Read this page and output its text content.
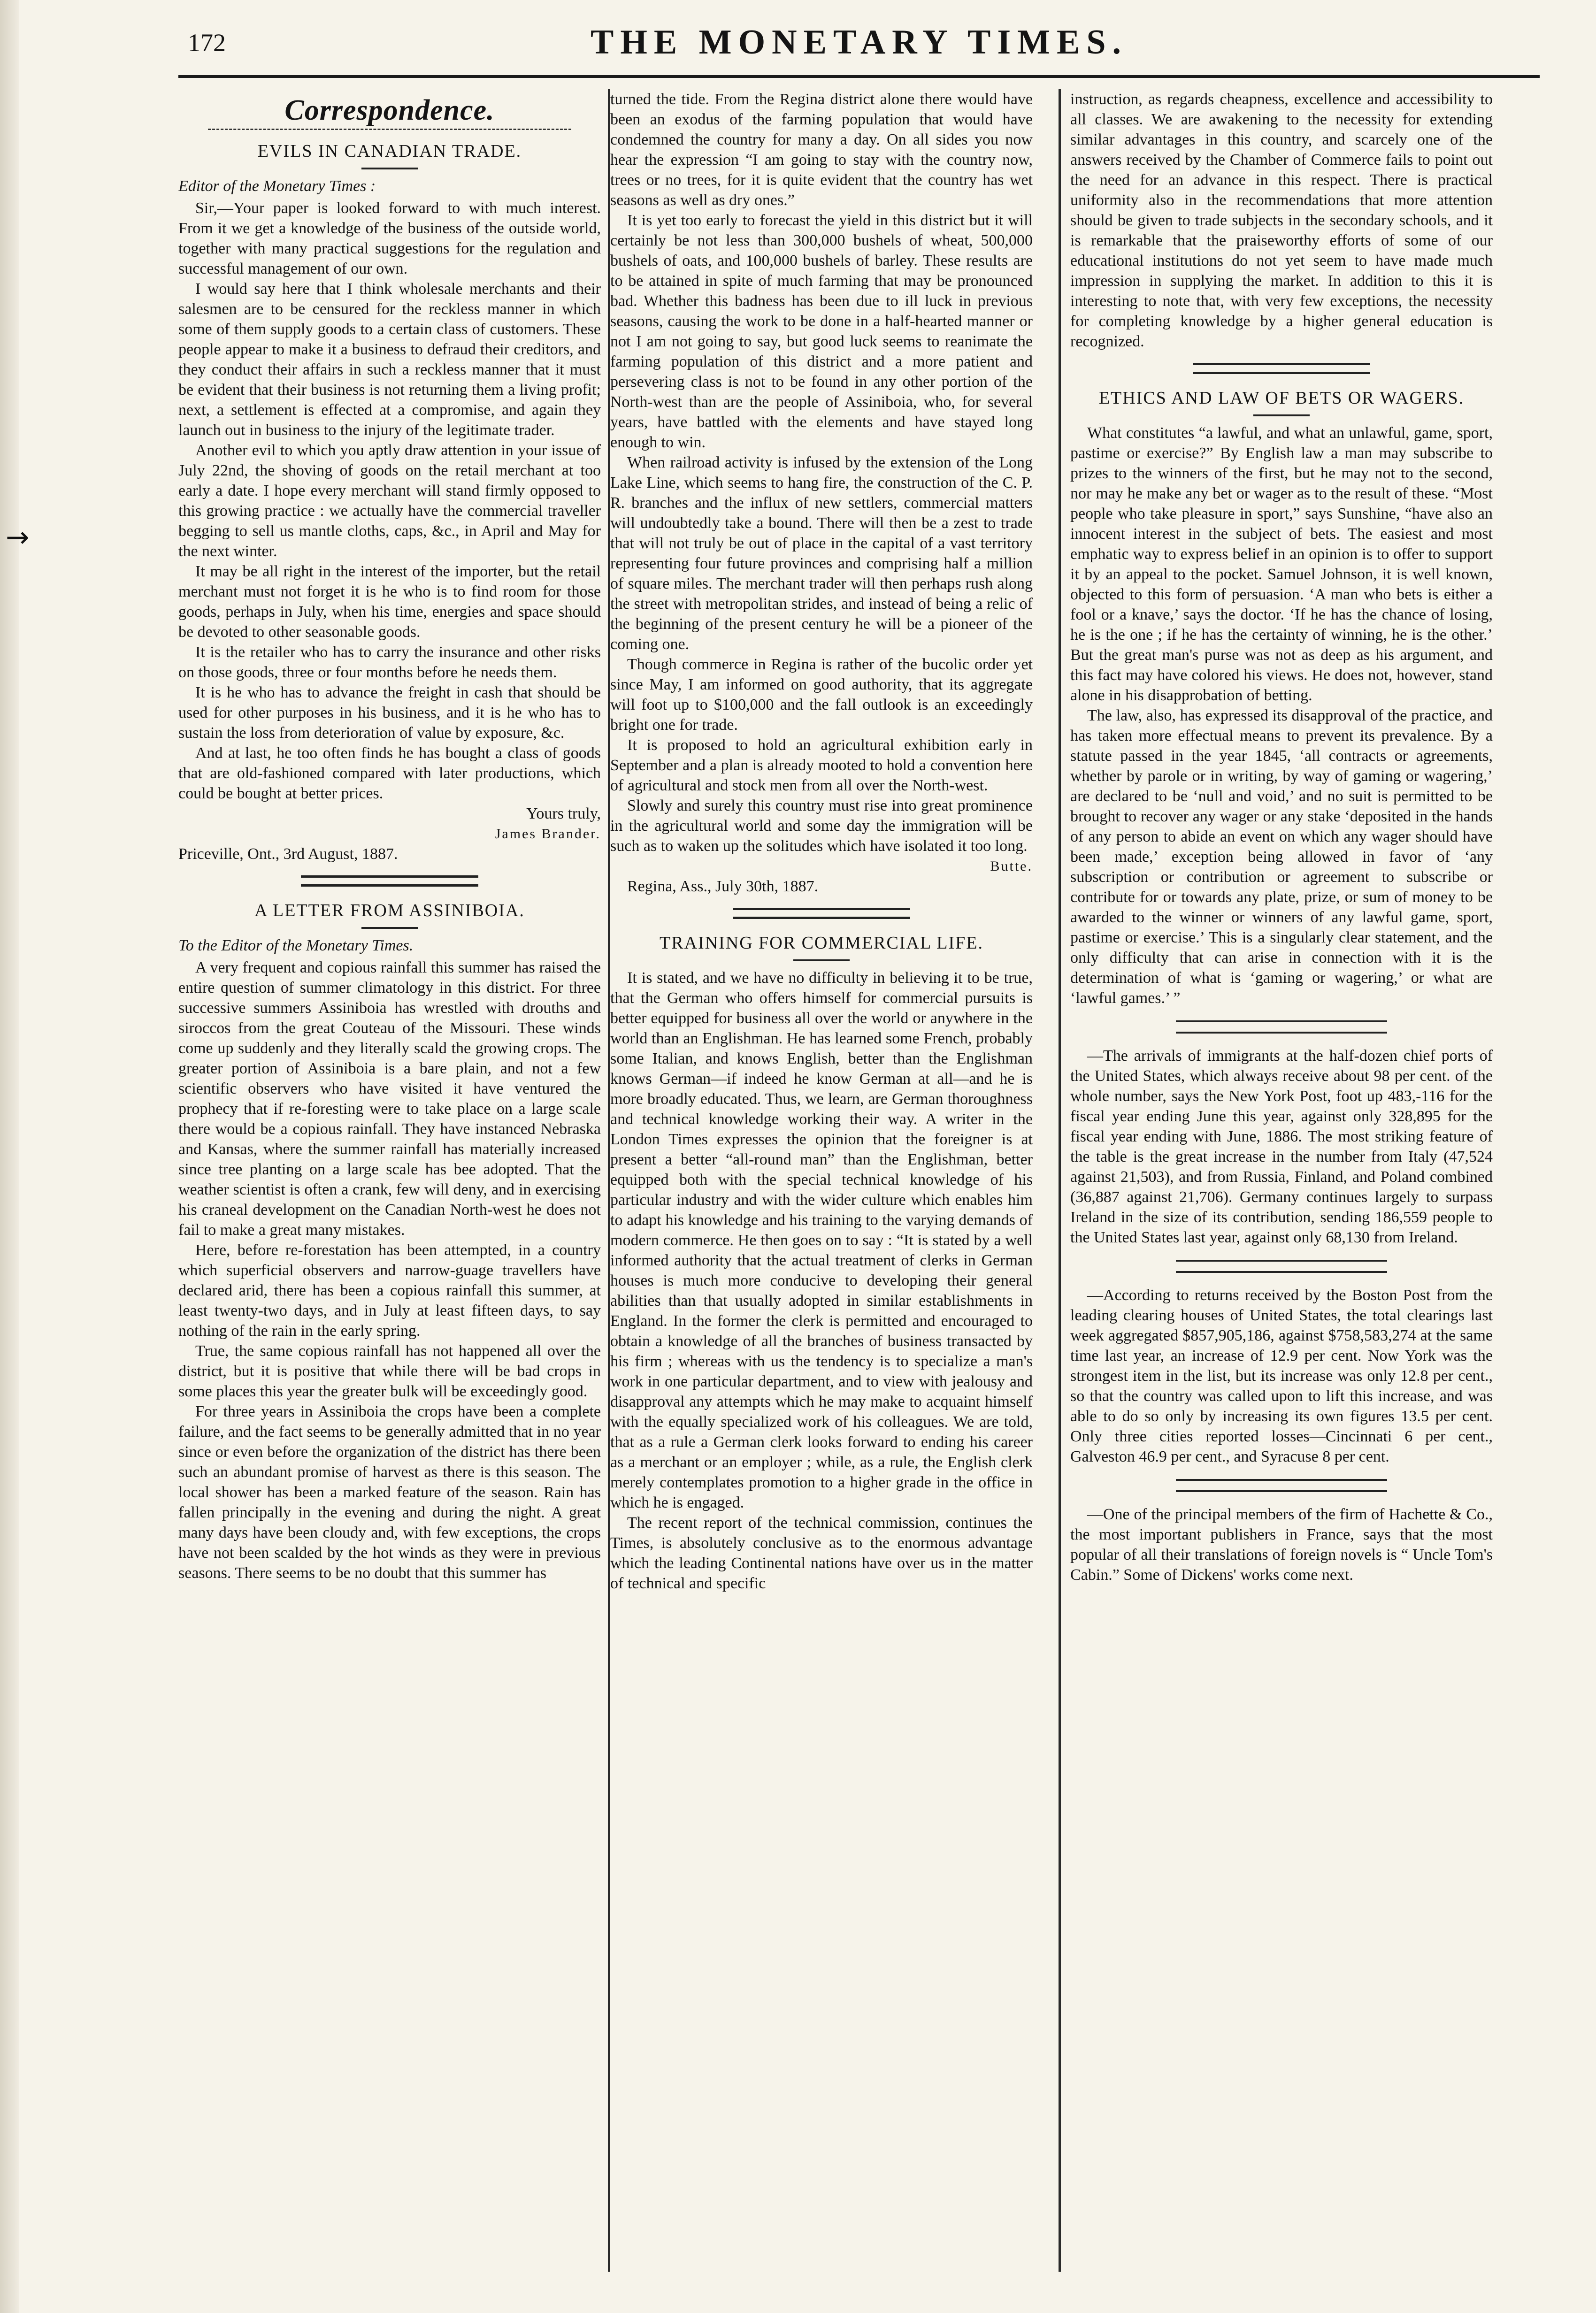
→
172	THE MONETARY TIMES.
Correspondence.
EVILS IN CANADIAN TRADE.
Editor of the Monetary Times :

Sir,—Your paper is looked forward to with much interest. From it we get a knowledge of the business of the outside world, together with many practical suggestions for the regulation and successful management of our own.

I would say here that I think wholesale merchants and their salesmen are to be censured for the reckless manner in which some of them supply goods to a certain class of customers. These people appear to make it a business to defraud their creditors, and they conduct their affairs in such a reckless manner that it must be evident that their business is not returning them a living profit; next, a settlement is effected at a compromise, and again they launch out in business to the injury of the legitimate trader.

Another evil to which you aptly draw attention in your issue of July 22nd, the shoving of goods on the retail merchant at too early a date. I hope every merchant will stand firmly opposed to this growing practice : we actually have the commercial traveller begging to sell us mantle cloths, caps, &c., in April and May for the next winter.

It may be all right in the interest of the importer, but the retail merchant must not forget it is he who is to find room for those goods, perhaps in July, when his time, energies and space should be devoted to other seasonable goods.

It is the retailer who has to carry the insurance and other risks on those goods, three or four months before he needs them.

It is he who has to advance the freight in cash that should be used for other purposes in his business, and it is he who has to sustain the loss from deterioration of value by exposure, &c.

And at last, he too often finds he has bought a class of goods that are old-fashioned compared with later productions, which could be bought at better prices.

Yours truly,

James Brander.

Priceville, Ont., 3rd August, 1887.

A LETTER FROM ASSINIBOIA.
To the Editor of the Monetary Times.

A very frequent and copious rainfall this summer has raised the entire question of summer climatology in this district. For three successive summers Assiniboia has wrestled with drouths and siroccos from the great Couteau of the Missouri. These winds come up suddenly and they literally scald the growing crops. The greater portion of Assiniboia is a bare plain, and not a few scientific observers who have visited it have ventured the prophecy that if re-foresting were to take place on a large scale there would be a copious rainfall. They have instanced Nebraska and Kansas, where the summer rainfall has materially increased since tree planting on a large scale has bee adopted. That the weather scientist is often a crank, few will deny, and in exercising his craneal development on the Canadian North-west he does not fail to make a great many mistakes.

Here, before re-forestation has been attempted, in a country which superficial observers and narrow-guage travellers have declared arid, there has been a copious rainfall this summer, at least twenty-two days, and in July at least fifteen days, to say nothing of the rain in the early spring.

True, the same copious rainfall has not happened all over the district, but it is positive that while there will be bad crops in some places this year the greater bulk will be exceedingly good.

For three years in Assiniboia the crops have been a complete failure, and the fact seems to be generally admitted that in no year since or even before the organization of the district has there been such an abundant promise of harvest as there is this season. The local shower has been a marked feature of the season. Rain has fallen principally in the evening and during the night. A great many days have been cloudy and, with few exceptions, the crops have not been scalded by the hot winds as they were in previous seasons. There seems to be no doubt that this summer has

turned the tide. From the Regina district alone there would have been an exodus of the farming population that would have condemned the country for many a day. On all sides you now hear the expression “I am going to stay with the country now, trees or no trees, for it is quite evident that the country has wet seasons as well as dry ones.”

It is yet too early to forecast the yield in this district but it will certainly be not less than 300,000 bushels of wheat, 500,000 bushels of oats, and 100,000 bushels of barley. These results are to be attained in spite of much farming that may be pronounced bad. Whether this badness has been due to ill luck in previous seasons, causing the work to be done in a half-hearted manner or not I am not going to say, but good luck seems to reanimate the farming population of this district and a more patient and persevering class is not to be found in any other portion of the North-west than are the people of Assiniboia, who, for several years, have battled with the elements and have stayed long enough to win.

When railroad activity is infused by the extension of the Long Lake Line, which seems to hang fire, the construction of the C. P. R. branches and the influx of new settlers, commercial matters will undoubtedly take a bound. There will then be a zest to trade that will not truly be out of place in the capital of a vast territory representing four future provinces and comprising half a million of square miles. The merchant trader will then perhaps rush along the street with metropolitan strides, and instead of being a relic of the beginning of the present century he will be a pioneer of the coming one.

Though commerce in Regina is rather of the bucolic order yet since May, I am informed on good authority, that its aggregate will foot up to $100,000 and the fall outlook is an exceedingly bright one for trade.

It is proposed to hold an agricultural exhibition early in September and a plan is already mooted to hold a convention here of agricultural and stock men from all over the North-west.

Slowly and surely this country must rise into great prominence in the agricultural world and some day the immigration will be such as to waken up the solitudes which have isolated it too long.

Butte.

Regina, Ass., July 30th, 1887.

TRAINING FOR COMMERCIAL LIFE.

It is stated, and we have no difficulty in believing it to be true, that the German who offers himself for commercial pursuits is better equipped for business all over the world or anywhere in the world than an Englishman. He has learned some French, probably some Italian, and knows English, better than the Englishman knows German—if indeed he know German at all—and he is more broadly educated. Thus, we learn, are German thoroughness and technical knowledge working their way. A writer in the London Times expresses the opinion that the foreigner is at present a better “all-round man” than the Englishman, better equipped both with the special technical knowledge of his particular industry and with the wider culture which enables him to adapt his knowledge and his training to the varying demands of modern commerce. He then goes on to say : “It is stated by a well informed authority that the actual treatment of clerks in German houses is much more conducive to developing their general abilities than that usually adopted in similar establishments in England. In the former the clerk is permitted and encouraged to obtain a knowledge of all the branches of business transacted by his firm ; whereas with us the tendency is to specialize a man's work in one particular department, and to view with jealousy and disapproval any attempts which he may make to acquaint himself with the equally specialized work of his colleagues. We are told, that as a rule a German clerk looks forward to ending his career as a merchant or an employer ; while, as a rule, the English clerk merely contemplates promotion to a higher grade in the office in which he is engaged.

The recent report of the technical commission, continues the Times, is absolutely conclusive as to the enormous advantage which the leading Continental nations have over us in the matter of technical and specific

instruction, as regards cheapness, excellence and accessibility to all classes. We are awakening to the necessity for extending similar advantages in this country, and scarcely one of the answers received by the Chamber of Commerce fails to point out the need for an advance in this respect. There is practical uniformity also in the recommendations that more attention should be given to trade subjects in the secondary schools, and it is remarkable that the praiseworthy efforts of some of our educational institutions do not yet seem to have made much impression in supplying the market. In addition to this it is interesting to note that, with very few exceptions, the necessity for completing knowledge by a higher general education is recognized.

ETHICS AND LAW OF BETS OR WAGERS.

What constitutes “a lawful, and what an unlawful, game, sport, pastime or exercise?” By English law a man may subscribe to prizes to the winners of the first, but he may not to the second, nor may he make any bet or wager as to the result of these. “Most people who take pleasure in sport,” says Sunshine, “have also an innocent interest in the subject of bets. The easiest and most emphatic way to express belief in an opinion is to offer to support it by an appeal to the pocket. Samuel Johnson, it is well known, objected to this form of persuasion. ‘A man who bets is either a fool or a knave,’ says the doctor. ‘If he has the chance of losing, he is the one ; if he has the certainty of winning, he is the other.’ But the great man's purse was not as deep as his argument, and this fact may have colored his views. He does not, however, stand alone in his disapprobation of betting.

The law, also, has expressed its disapproval of the practice, and has taken more effectual means to prevent its prevalence. By a statute passed in the year 1845, ‘all contracts or agreements, whether by parole or in writing, by way of gaming or wagering,’ are declared to be ‘null and void,’ and no suit is permitted to be brought to recover any wager or any stake ‘deposited in the hands of any person to abide an event on which any wager should have been made,’ exception being allowed in favor of ‘any subscription or contribution or agreement to subscribe or contribute for or towards any plate, prize, or sum of money to be awarded to the winner or winners of any lawful game, sport, pastime or exercise.’ This is a singularly clear statement, and the only difficulty that can arise in connection with it is the determination of what is ‘gaming or wagering,’ or what are ‘lawful games.’ ”

—The arrivals of immigrants at the half-dozen chief ports of the United States, which always receive about 98 per cent. of the whole number, says the New York Post, foot up 483,-116 for the fiscal year ending June this year, against only 328,895 for the fiscal year ending with June, 1886. The most striking feature of the table is the great increase in the number from Italy (47,524 against 21,503), and from Russia, Finland, and Poland combined (36,887 against 21,706). Germany continues largely to surpass Ireland in the size of its contribution, sending 186,559 people to the United States last year, against only 68,130 from Ireland.

—According to returns received by the Boston Post from the leading clearing houses of United States, the total clearings last week aggregated $857,905,186, against $758,583,274 at the same time last year, an increase of 12.9 per cent. Now York was the strongest item in the list, but its increase was only 12.8 per cent., so that the country was called upon to lift this increase, and was able to do so only by increasing its own figures 13.5 per cent. Only three cities reported losses—Cincinnati 6 per cent., Galveston 46.9 per cent., and Syracuse 8 per cent.

—One of the principal members of the firm of Hachette & Co., the most important publishers in France, says that the most popular of all their translations of foreign novels is “ Uncle Tom's Cabin.” Some of Dickens' works come next.
